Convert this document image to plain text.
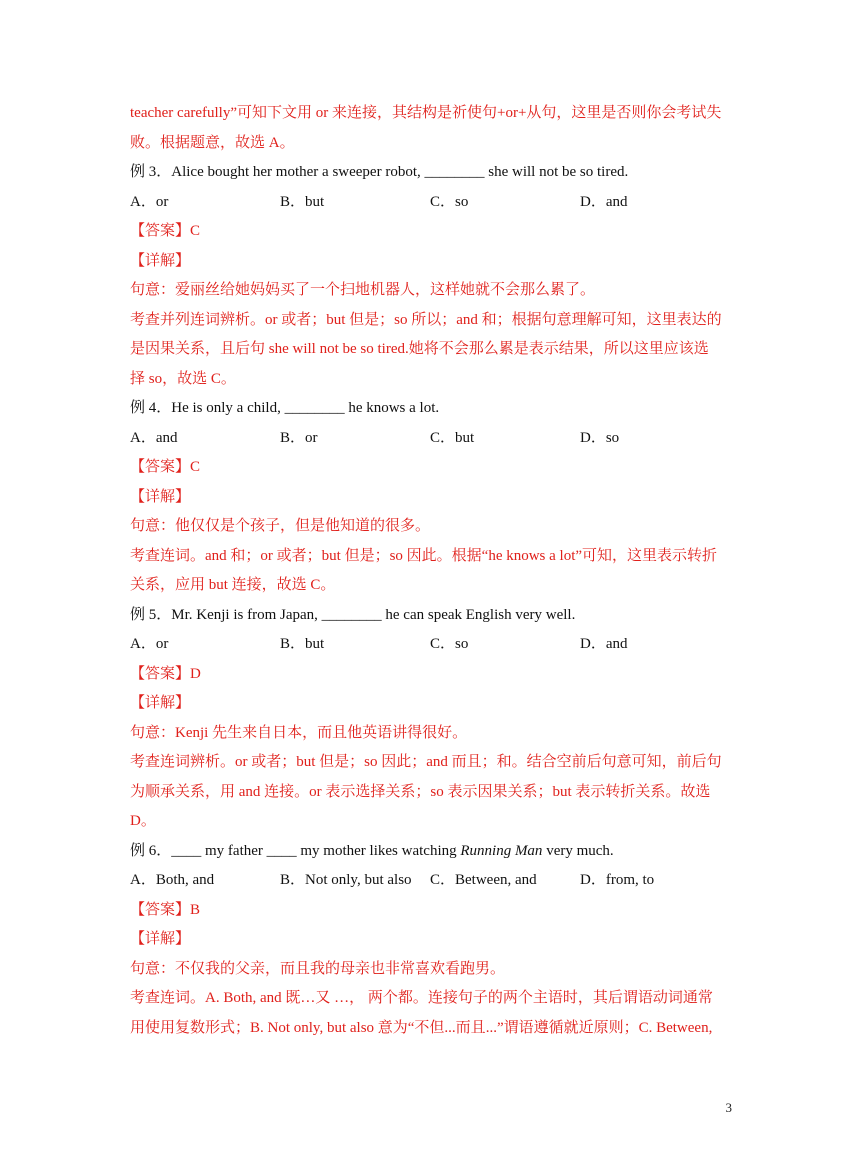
teacher carefully”可知下文用 or 来连接，其结构是祈使句+or+从句，这里是否则你会考试失
败。根据题意，故选 A。
例 3．Alice bought her mother a sweeper robot, ________ she will not be so tired.
A．or	B．but	C．so	D．and
【答案】C
【详解】
句意：爱丽丝给她妈妈买了一个扫地机器人，这样她就不会那么累了。
考查并列连词辨析。or 或者；but 但是；so 所以；and 和；根据句意理解可知，这里表达的
是因果关系，且后句 she will not be so tired.她将不会那么累是表示结果，所以这里应该选
择 so，故选 C。
例 4．He is only a child, ________ he knows a lot.
A．and	B．or	C．but	D．so
【答案】C
【详解】
句意：他仅仅是个孩子，但是他知道的很多。
考查连词。and 和；or 或者；but 但是；so 因此。根据“he knows a lot”可知，这里表示转折
关系，应用 but 连接，故选 C。
例 5．Mr. Kenji is from Japan, ________ he can speak English very well.
A．or	B．but	C．so	D．and
【答案】D
【详解】
句意：Kenji 先生来自日本，而且他英语讲得很好。
考查连词辨析。or 或者；but 但是；so 因此；and 而且；和。结合空前后句意可知，前后句
为顺承关系，用 and 连接。or 表示选择关系；so 表示因果关系；but 表示转折关系。故选
D。
例 6．____ my father ____ my mother likes watching Running Man very much.
A．Both, and	B．Not only, but also C．Between, and	D．from, to
【答案】B
【详解】
句意：不仅我的父亲，而且我的母亲也非常喜欢看跑男。
考查连词。A. Both, and 既…又 …， 两个都。连接句子的两个主语时，其后谓语动词通常
用使用复数形式；B. Not only, but also 意为“不但...而且...”谓语遵循就近原则；C. Between,
3
